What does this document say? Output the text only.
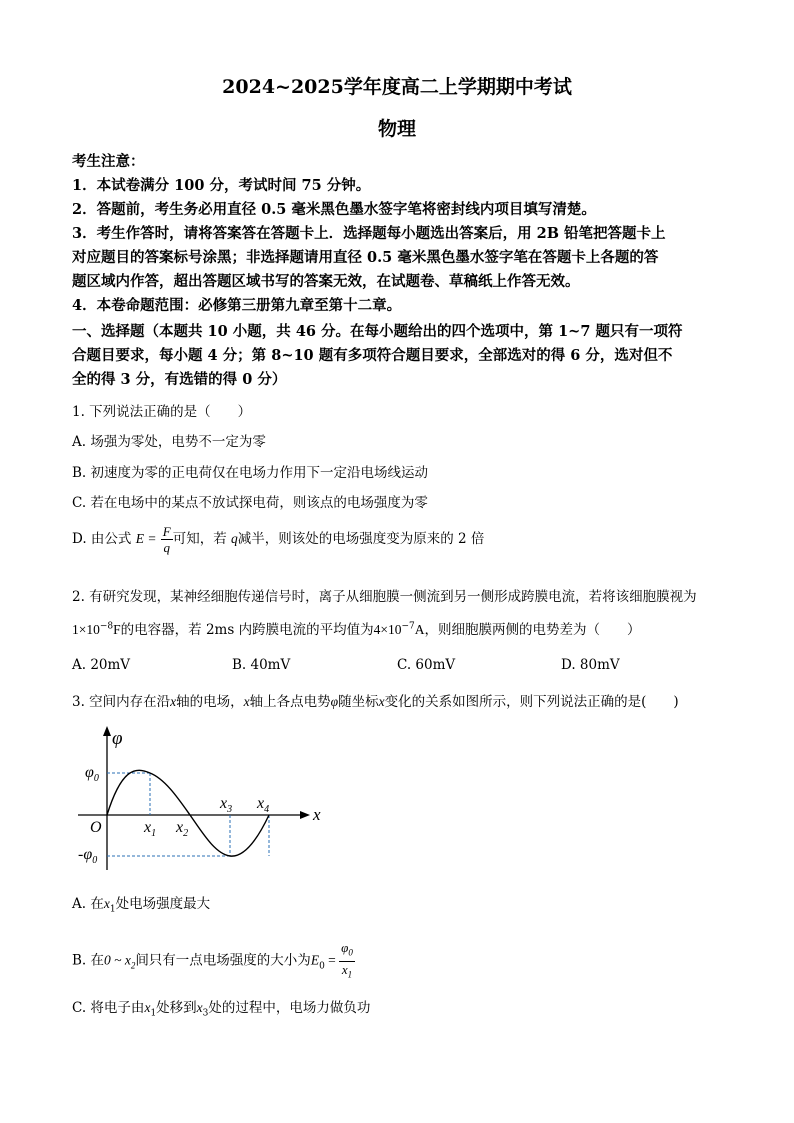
2024~2025学年度高二上学期期中考试
物理
考生注意：
1．本试卷满分 100 分，考试时间 75 分钟。
2．答题前，考生务必用直径 0.5 毫米黑色墨水签字笔将密封线内项目填写清楚。
3．考生作答时，请将答案答在答题卡上．选择题每小题选出答案后，用 2B 铅笔把答题卡上
对应题目的答案标号涂黑；非选择题请用直径 0.5 毫米黑色墨水签字笔在答题卡上各题的答
题区域内作答，超出答题区域书写的答案无效，在试题卷、草稿纸上作答无效。
4．本卷命题范围：必修第三册第九章至第十二章。
一、选择题（本题共 10 小题，共 46 分。在每小题给出的四个选项中，第 1~7 题只有一项符
合题目要求，每小题 4 分；第 8~10 题有多项符合题目要求，全部选对的得 6 分，选对但不
全的得 3 分，有选错的得 0 分）
1. 下列说法正确的是（　　）
A. 场强为零处，电势不一定为零
B. 初速度为零的正电荷仅在电场力作用下一定沿电场线运动
C. 若在电场中的某点不放试探电荷，则该点的电场强度为零
D. 由公式 $E = \frac{F}{q}$ 可知，若 q减半，则该处的电场强度变为原来的 2 倍
2. 有研究发现，某神经细胞传递信号时，离子从细胞膜一侧流到另一侧形成跨膜电流，若将该细胞膜视为
$1\times 10^{-8}F$的电容器，若 2ms 内跨膜电流的平均值为$4\times 10^{-7}A$，则细胞膜两侧的电势差为（　　）
A. 20mV	B. 40mV	C. 60mV	D. 80mV
3. 空间内存在沿x轴的电场，x轴上各点电势φ随坐标x变化的关系如图所示，则下列说法正确的是(　　)
φ
x
O
$\varphi_0$
$-\varphi_0$
$x_1$ $x_2$
$x_3$ $x_4$
A. 在$x_1$处电场强度最大
B. 在0 ~ $x_2$间只有一点电场强度的大小为$E_0 = \frac{\varphi_0}{x_1}$
C. 将电子由$x_1$处移到$x_3$处的过程中，电场力做负功
